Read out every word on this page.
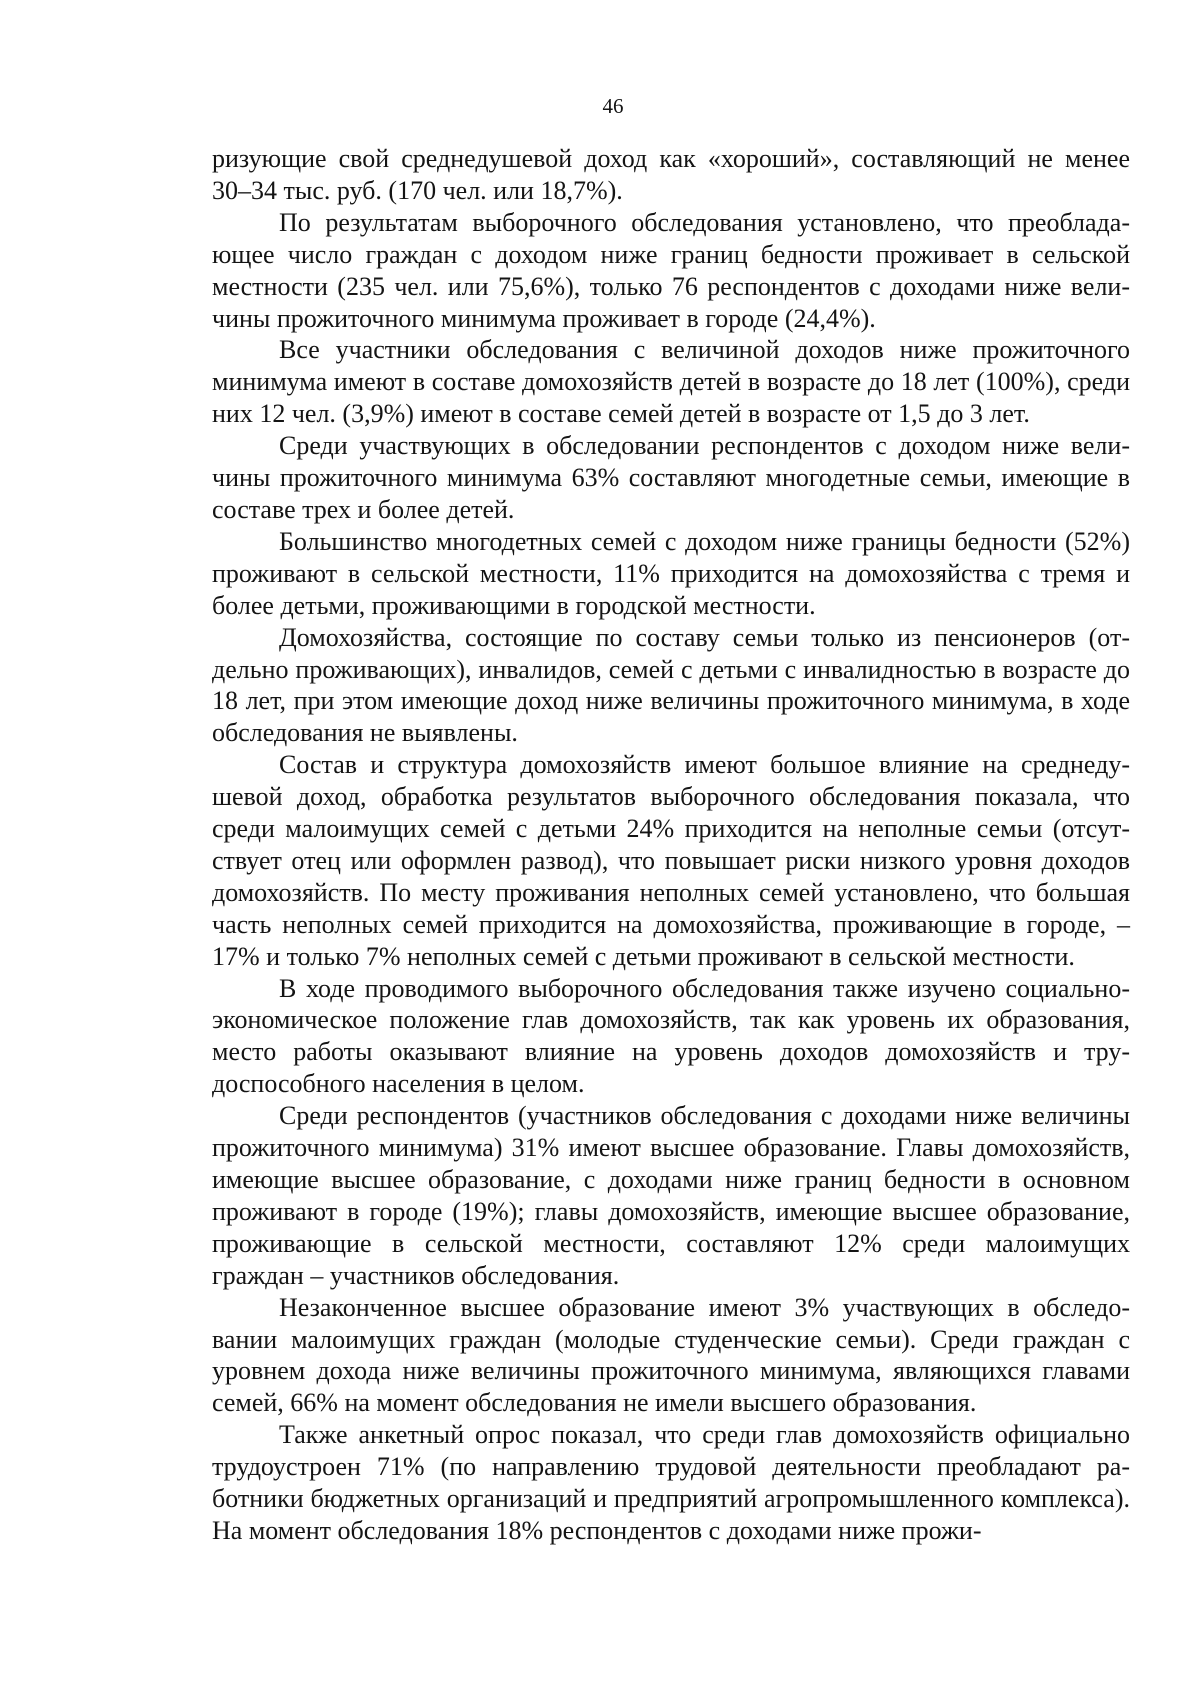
46

ризующие свой среднедушевой доход как «хороший», составляющий не менее 30–34 тыс. руб. (170 чел. или 18,7%).

По результатам выборочного обследования установлено, что преобладающее число граждан с доходом ниже границ бедности проживает в сельской местности (235 чел. или 75,6%), только 76 респондентов с доходами ниже величины прожиточного минимума проживает в городе (24,4%).

Все участники обследования с величиной доходов ниже прожиточного минимума имеют в составе домохозяйств детей в возрасте до 18 лет (100%), среди них 12 чел. (3,9%) имеют в составе семей детей в возрасте от 1,5 до 3 лет.

Среди участвующих в обследовании респондентов с доходом ниже величины прожиточного минимума 63% составляют многодетные семьи, имеющие в составе трех и более детей.

Большинство многодетных семей с доходом ниже границы бедности (52%) проживают в сельской местности, 11% приходится на домохозяйства с тремя и более детьми, проживающими в городской местности.

Домохозяйства, состоящие по составу семьи только из пенсионеров (отдельно проживающих), инвалидов, семей с детьми с инвалидностью в возрасте до 18 лет, при этом имеющие доход ниже величины прожиточного минимума, в ходе обследования не выявлены.

Состав и структура домохозяйств имеют большое влияние на среднедушевой доход, обработка результатов выборочного обследования показала, что среди малоимущих семей с детьми 24% приходится на неполные семьи (отсутствует отец или оформлен развод), что повышает риски низкого уровня доходов домохозяйств. По месту проживания неполных семей установлено, что большая часть неполных семей приходится на домохозяйства, проживающие в городе, – 17% и только 7% неполных семей с детьми проживают в сельской местности.

В ходе проводимого выборочного обследования также изучено социально-экономическое положение глав домохозяйств, так как уровень их образования, место работы оказывают влияние на уровень доходов домохозяйств и трудоспособного населения в целом.

Среди респондентов (участников обследования с доходами ниже величины прожиточного минимума) 31% имеют высшее образование. Главы домохозяйств, имеющие высшее образование, с доходами ниже границ бедности в основном проживают в городе (19%); главы домохозяйств, имеющие высшее образование, проживающие в сельской местности, составляют 12% среди малоимущих граждан – участников обследования.

Незаконченное высшее образование имеют 3% участвующих в обследовании малоимущих граждан (молодые студенческие семьи). Среди граждан с уровнем дохода ниже величины прожиточного минимума, являющихся главами семей, 66% на момент обследования не имели высшего образования.

Также анкетный опрос показал, что среди глав домохозяйств официально трудоустроен 71% (по направлению трудовой деятельности преобладают работники бюджетных организаций и предприятий агропромышленного комплекса). На момент обследования 18% респондентов с доходами ниже прожи-
